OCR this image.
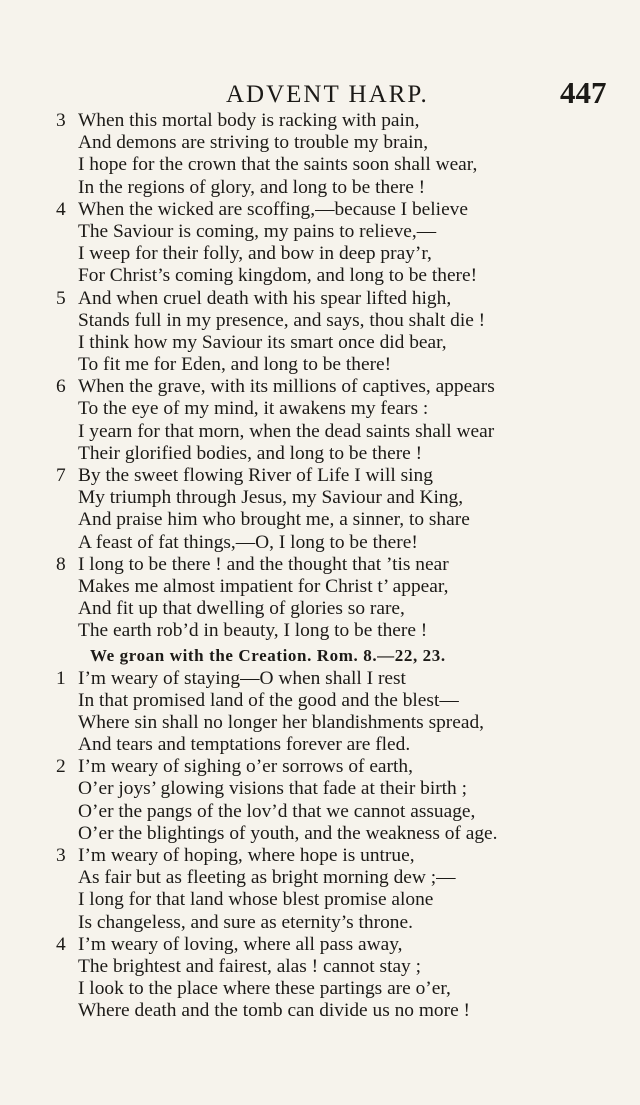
ADVENT HARP.	447
3 When this mortal body is racking with pain,
And demons are striving to trouble my brain,
I hope for the crown that the saints soon shall wear,
In the regions of glory, and long to be there !
4 When the wicked are scoffing,—because I believe
The Saviour is coming, my pains to relieve,—
I weep for their folly, and bow in deep pray’r,
For Christ’s coming kingdom, and long to be there!
5 And when cruel death with his spear lifted high,
Stands full in my presence, and says, thou shalt die !
I think how my Saviour its smart once did bear,
To fit me for Eden, and long to be there!
6 When the grave, with its millions of captives, appears
To the eye of my mind, it awakens my fears :
I yearn for that morn, when the dead saints shall wear
Their glorified bodies, and long to be there !
7 By the sweet flowing River of Life I will sing
My triumph through Jesus, my Saviour and King,
And praise him who brought me, a sinner, to share
A feast of fat things,—O, I long to be there!
8 I long to be there ! and the thought that ’tis near
Makes me almost impatient for Christ t’ appear,
And fit up that dwelling of glories so rare,
The earth rob’d in beauty, I long to be there !
We groan with the Creation. Rom. 8.—22, 23.
1 I’m weary of staying—O when shall I rest
In that promised land of the good and the blest—
Where sin shall no longer her blandishments spread,
And tears and temptations forever are fled.
2 I’m weary of sighing o’er sorrows of earth,
O’er joys’ glowing visions that fade at their birth ;
O’er the pangs of the lov’d that we cannot assuage,
O’er the blightings of youth, and the weakness of age.
3 I’m weary of hoping, where hope is untrue,
As fair but as fleeting as bright morning dew ;—
I long for that land whose blest promise alone
Is changeless, and sure as eternity’s throne.
4 I’m weary of loving, where all pass away,
The brightest and fairest, alas ! cannot stay ;
I look to the place where these partings are o’er,
Where death and the tomb can divide us no more !
